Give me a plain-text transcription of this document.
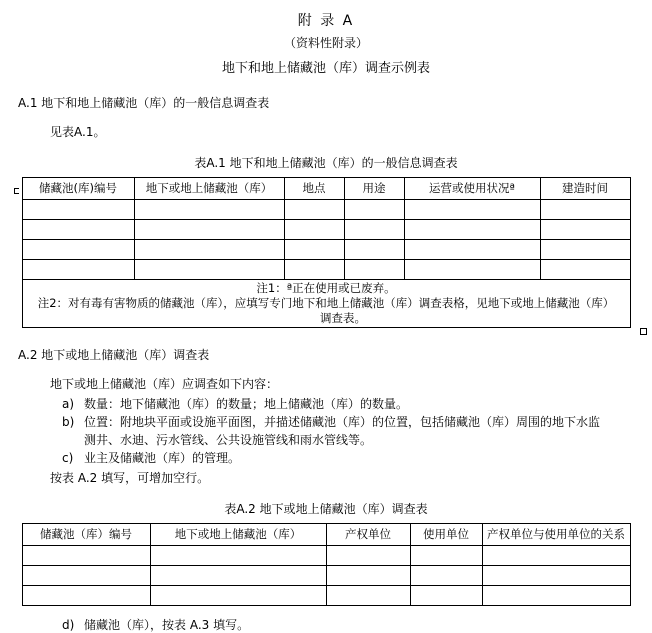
附 录 A
（资料性附录）
地下和地上储藏池（库）调查示例表
A.1 地下和地上储藏池（库）的一般信息调查表
见表A.1。
表A.1 地下和地上储藏池（库）的一般信息调查表
储藏池(库)编号	地下或地上储藏池（库）	地点	用途	运营或使用状况ª	建造时间

注1：ª正在使用或已废弃。
注2：对有毒有害物质的储藏池（库），应填写专门地下和地上储藏池（库）调查表格，见地下或地上储藏池（库）
调查表。					
A.2 地下或地上储藏池（库）调查表
地下或地上储藏池（库）应调查如下内容：
a) 数量：地下储藏池（库）的数量；地上储藏池（库）的数量。
b) 位置：附地块平面或设施平面图，并描述储藏池（库）的位置，包括储藏池（库）周围的地下水监测井、水迪、污水管线、公共设施管线和雨水管线等。
c) 业主及储藏池（库）的管理。
按表 A.2 填写，可增加空行。
表A.2 地下或地上储藏池（库）调查表
储藏池（库）编号	地下或地上储藏池（库）	产权单位	使用单位	产权单位与使用单位的关系

d) 储藏池（库），按表 A.3 填写。
